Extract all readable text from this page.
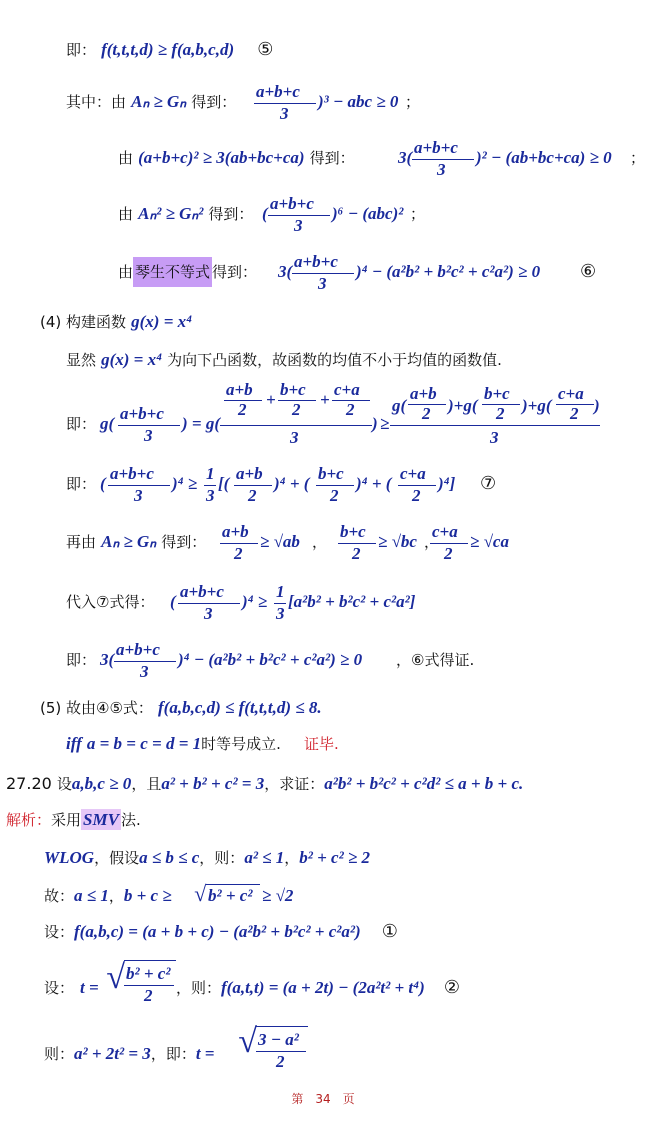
即： f(t,t,t,d) ≥ f(a,b,c,d) ⑤
其中：由 Aₙ ≥ Gₙ 得到：
a+b+c
3
)³ − abc ≥ 0 ；
由 (a+b+c)² ≥ 3(ab+bc+ca) 得到：	3(
a+b+c
3
)² − (ab+bc+ca) ≥ 0 ；
由 Aₙ² ≥ Gₙ² 得到： (
a+b+c
3
)⁶ − (abc)² ；
由 琴生不等式 得到： 3(
a+b+c
3
)⁴ − (a²b² + b²c² + c²a²) ≥ 0 ⑥
(4) 构建函数 g(x) = x⁴
显然 g(x) = x⁴ 为向下凸函数，故函数的均值不小于均值的函数值.
即： g(
a+b+c
3
) = g(
a+b
2
+
b+c
2
+
c+a
2
3
) ≥
g(
a+b
2 )+g(
b+c
2 )+g(
c+a
2 )
3
即： (
a+b+c
3
)⁴ ≥
1
3
[(
a+b
2
)⁴ + (
b+c
2
)⁴ + (
c+a
2
)⁴] ⑦
再由 Aₙ ≥ Gₙ 得到：
a+b
2
≥ √ab ，
b+c
2
≥ √bc ，
c+a
2
≥ √ca
代入⑦式得： (
a+b+c
3
)⁴ ≥
1
3
[a²b² + b²c² + c²a²]
即： 3(
a+b+c
3
)⁴ − (a²b² + b²c² + c²a²) ≥ 0 ，⑥式得证.
(5) 故由④⑤式： f(a,b,c,d) ≤ f(t,t,t,d) ≤ 8.
iff a = b = c = d = 1时等号成立. 证毕.
27.20 设a,b,c ≥ 0，且a² + b² + c² = 3，求证：a²b² + b²c² + c²d² ≤ a + b + c.
解析：采用 SMV 法.
WLOG，假设a ≤ b ≤ c，则：a² ≤ 1，b² + c² ≥ 2
故：a ≤ 1，b + c ≥ √ b² + c² ≥ √2
设：f(a,b,c) = (a + b + c) − (a²b² + b²c² + c²a²) ①
设： t = √ b² + c²
2 ，则：f(a,t,t) = (a + 2t) − (2a²t² + t⁴) ②
则：a² + 2t² = 3，即：t = √ 3 − a²
2
第　34　页
